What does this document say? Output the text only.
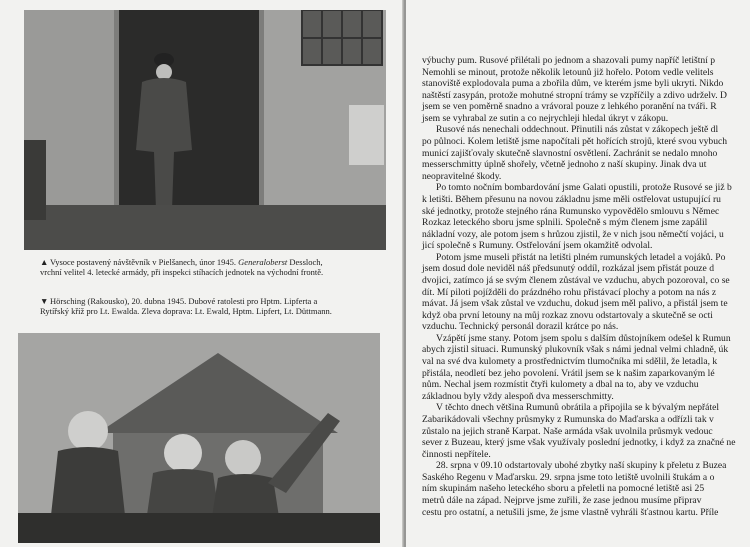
▲ Vysoce postavený návštěvník v Pielšanech, únor 1945. Generaloberst Dessloch, vrchní velitel 4. letecké armády, při inspekci stíhacích jednotek na východní frontě.
▼ Hörsching (Rakousko), 20. dubna 1945. Dubové ratolesti pro Hptm. Lipferta a Rytířský kříž pro Lt. Ewalda. Zleva doprava: Lt. Ewald, Hptm. Lipfert, Lt. Düttmann.
výbuchy pum. Rusové přilétali po jednom a shazovali pumy napříč letištní p
Nemohli se minout, protože několik letounů již hořelo. Potom vedle velitels
stanoviště explodovala puma a zbořila dům, ve kterém jsme byli ukryti. Nikdo
naštěstí zasypán, protože mohutné stropní trámy se vzpříčily a zdivo udrželv. D
jsem se ven poměrně snadno a vrávoral pouze z lehkého poranění na tváři. R
jsem se vyhrabal ze sutin a co nejrychleji hledal úkryt v zákopu.
Rusové nás nenechali oddechnout. Přinutili nás zůstat v zákopech ještě dl
po půlnoci. Kolem letiště jsme napočítali pět hořících strojů, které svou vybuch
municí zajišťovaly skutečně slavnostní osvětlení. Zachránit se nedalo mnoho
messerschmitty úplně shořely, včetně jednoho z naší skupiny. Jinak dva ut
neopravitelné škody.
Po tomto nočním bombardování jsme Galati opustili, protože Rusové se již b
k letišti. Během přesunu na novou základnu jsme měli ostřelovat ustupující ru
ské jednotky, protože stejného rána Rumunsko vypovědělo smlouvu s Němec
Rozkaz leteckého sboru jsme splnili. Společně s mým členem jsme zapálil
nákladní vozy, ale potom jsem s hrůzou zjistil, že v nich jsou němečtí vojáci, u
jicí společně s Rumuny. Ostřelování jsem okamžitě odvolal.
Potom jsme museli přistát na letišti plném rumunských letadel a vojáků. Po
jsem dosud dole neviděl náš předsunutý oddíl, rozkázal jsem přistát pouze d
dvojici, zatímco já se svým členem zůstával ve vzduchu, abych pozoroval, co se
dít. Mí piloti pojížděli do prázdného rohu přistávací plochy a potom na nás z
mávat. Já jsem však zůstal ve vzduchu, dokud jsem měl palivo, a přistál jsem te
když oba první letouny na můj rozkaz znovu odstartovaly a skutečně se octi
vzduchu. Technický personál dorazil krátce po nás.
Vzápětí jsme stany. Potom jsem spolu s dalším důstojníkem odešel k Rumun
abych zjistil situaci. Rumunský plukovník však s námi jednal velmi chladně, úk
val na své dva kulomety a prostřednictvím tlumočníka mi sdělil, že letadla, k
přistála, neodletí bez jeho povolení. Vrátil jsem se k našim zaparkovaným lé
nům. Nechal jsem rozmístit čtyři kulomety a dbal na to, aby ve vzduchu
základnou byly vždy alespoň dva messerschmitty.
V těchto dnech většina Rumunů obrátila a připojila se k bývalým nepřátel
Zabarikádovali všechny průsmyky z Rumunska do Maďarska a odřízli tak v
zůstalo na jejich straně Karpat. Naše armáda však uvolnila průsmyk vedouc
sever z Buzeau, který jsme však využívaly poslední jednotky, i když za značné ne
činnosti nepřítele.
28. srpna v 09.10 odstartovaly ubohé zbytky naší skupiny k přeletu z Buzea
Saského Regenu v Maďarsku. 29. srpna jsme toto letiště uvolnili štukám a o
ním skupinám našeho leteckého sboru a přeletli na pomocné letiště asi 25
metrů dále na západ. Nejprve jsme zuřili, že zase jednou musíme připrav
cestu pro ostatní, a netušili jsme, že jsme vlastně vyhráli šťastnou kartu. Příle
